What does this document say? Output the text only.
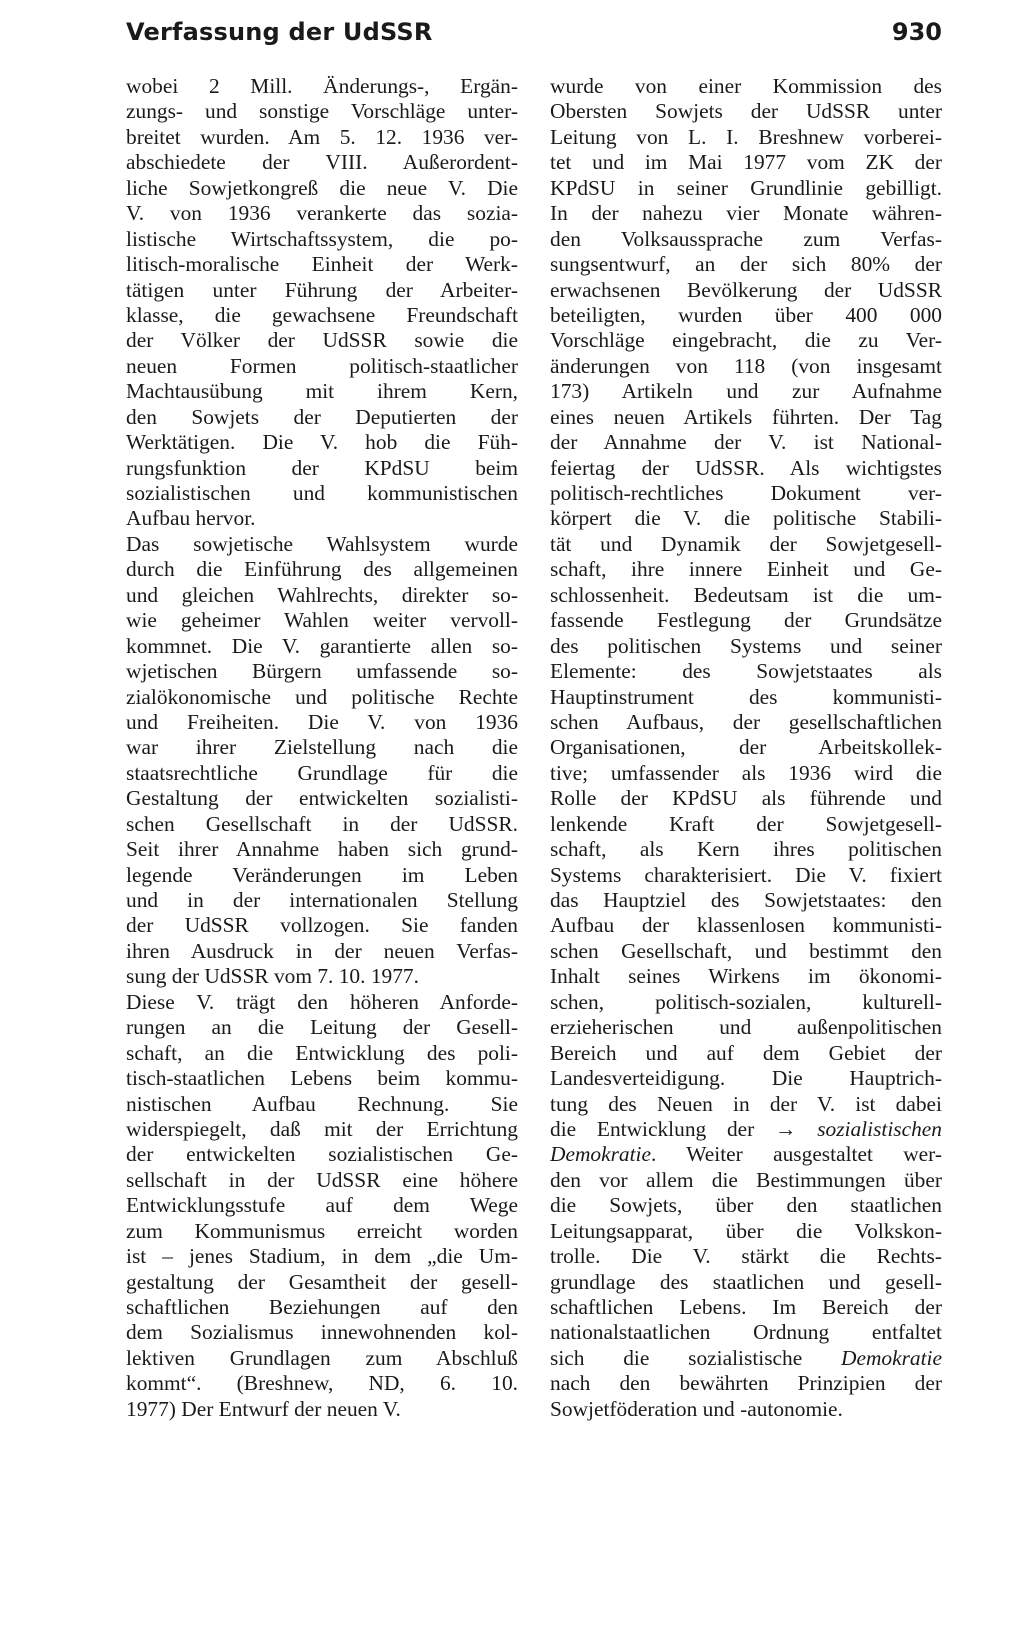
Verfassung der UdSSR	930
wobei 2 Mill. Änderungs-, Ergän-
zungs- und sonstige Vorschläge unter-
breitet wurden. Am 5. 12. 1936 ver-
abschiedete der VIII. Außerordent-
liche Sowjetkongreß die neue V. Die
V. von 1936 verankerte das sozia-
listische Wirtschaftssystem, die po-
litisch-moralische Einheit der Werk-
tätigen unter Führung der Arbeiter-
klasse, die gewachsene Freundschaft
der Völker der UdSSR sowie die
neuen Formen politisch-staatlicher
Machtausübung mit ihrem Kern,
den Sowjets der Deputierten der
Werktätigen. Die V. hob die Füh-
rungsfunktion der KPdSU beim
sozialistischen und kommunistischen
Aufbau hervor.
Das sowjetische Wahlsystem wurde
durch die Einführung des allgemeinen
und gleichen Wahlrechts, direkter so-
wie geheimer Wahlen weiter vervoll-
kommnet. Die V. garantierte allen so-
wjetischen Bürgern umfassende so-
zialökonomische und politische Rechte
und Freiheiten. Die V. von 1936
war ihrer Zielstellung nach die
staatsrechtliche Grundlage für die
Gestaltung der entwickelten sozialisti-
schen Gesellschaft in der UdSSR.
Seit ihrer Annahme haben sich grund-
legende Veränderungen im Leben
und in der internationalen Stellung
der UdSSR vollzogen. Sie fanden
ihren Ausdruck in der neuen Verfas-
sung der UdSSR vom 7. 10. 1977.
Diese V. trägt den höheren Anforde-
rungen an die Leitung der Gesell-
schaft, an die Entwicklung des poli-
tisch-staatlichen Lebens beim kommu-
nistischen Aufbau Rechnung. Sie
widerspiegelt, daß mit der Errichtung
der entwickelten sozialistischen Ge-
sellschaft in der UdSSR eine höhere
Entwicklungsstufe auf dem Wege
zum Kommunismus erreicht worden
ist – jenes Stadium, in dem „die Um-
gestaltung der Gesamtheit der gesell-
schaftlichen Beziehungen auf den
dem Sozialismus innewohnenden kol-
lektiven Grundlagen zum Abschluß
kommt“. (Breshnew, ND, 6. 10.
1977) Der Entwurf der neuen V.
wurde von einer Kommission des
Obersten Sowjets der UdSSR unter
Leitung von L. I. Breshnew vorberei-
tet und im Mai 1977 vom ZK der
KPdSU in seiner Grundlinie gebilligt.
In der nahezu vier Monate währen-
den Volksaussprache zum Verfas-
sungsentwurf, an der sich 80% der
erwachsenen Bevölkerung der UdSSR
beteiligten, wurden über 400 000
Vorschläge eingebracht, die zu Ver-
änderungen von 118 (von insgesamt
173) Artikeln und zur Aufnahme
eines neuen Artikels führten. Der Tag
der Annahme der V. ist National-
feiertag der UdSSR. Als wichtigstes
politisch-rechtliches Dokument ver-
körpert die V. die politische Stabili-
tät und Dynamik der Sowjetgesell-
schaft, ihre innere Einheit und Ge-
schlossenheit. Bedeutsam ist die um-
fassende Festlegung der Grundsätze
des politischen Systems und seiner
Elemente: des Sowjetstaates als
Hauptinstrument des kommunisti-
schen Aufbaus, der gesellschaftlichen
Organisationen, der Arbeitskollek-
tive; umfassender als 1936 wird die
Rolle der KPdSU als führende und
lenkende Kraft der Sowjetgesell-
schaft, als Kern ihres politischen
Systems charakterisiert. Die V. fixiert
das Hauptziel des Sowjetstaates: den
Aufbau der klassenlosen kommunisti-
schen Gesellschaft, und bestimmt den
Inhalt seines Wirkens im ökonomi-
schen, politisch-sozialen, kulturell-
erzieherischen und außenpolitischen
Bereich und auf dem Gebiet der
Landesverteidigung. Die Hauptrich-
tung des Neuen in der V. ist dabei
die Entwicklung der → sozialistischen
Demokratie. Weiter ausgestaltet wer-
den vor allem die Bestimmungen über
die Sowjets, über den staatlichen
Leitungsapparat, über die Volkskon-
trolle. Die V. stärkt die Rechts-
grundlage des staatlichen und gesell-
schaftlichen Lebens. Im Bereich der
nationalstaatlichen Ordnung entfaltet
sich die sozialistische Demokratie
nach den bewährten Prinzipien der
Sowjetföderation und -autonomie.
